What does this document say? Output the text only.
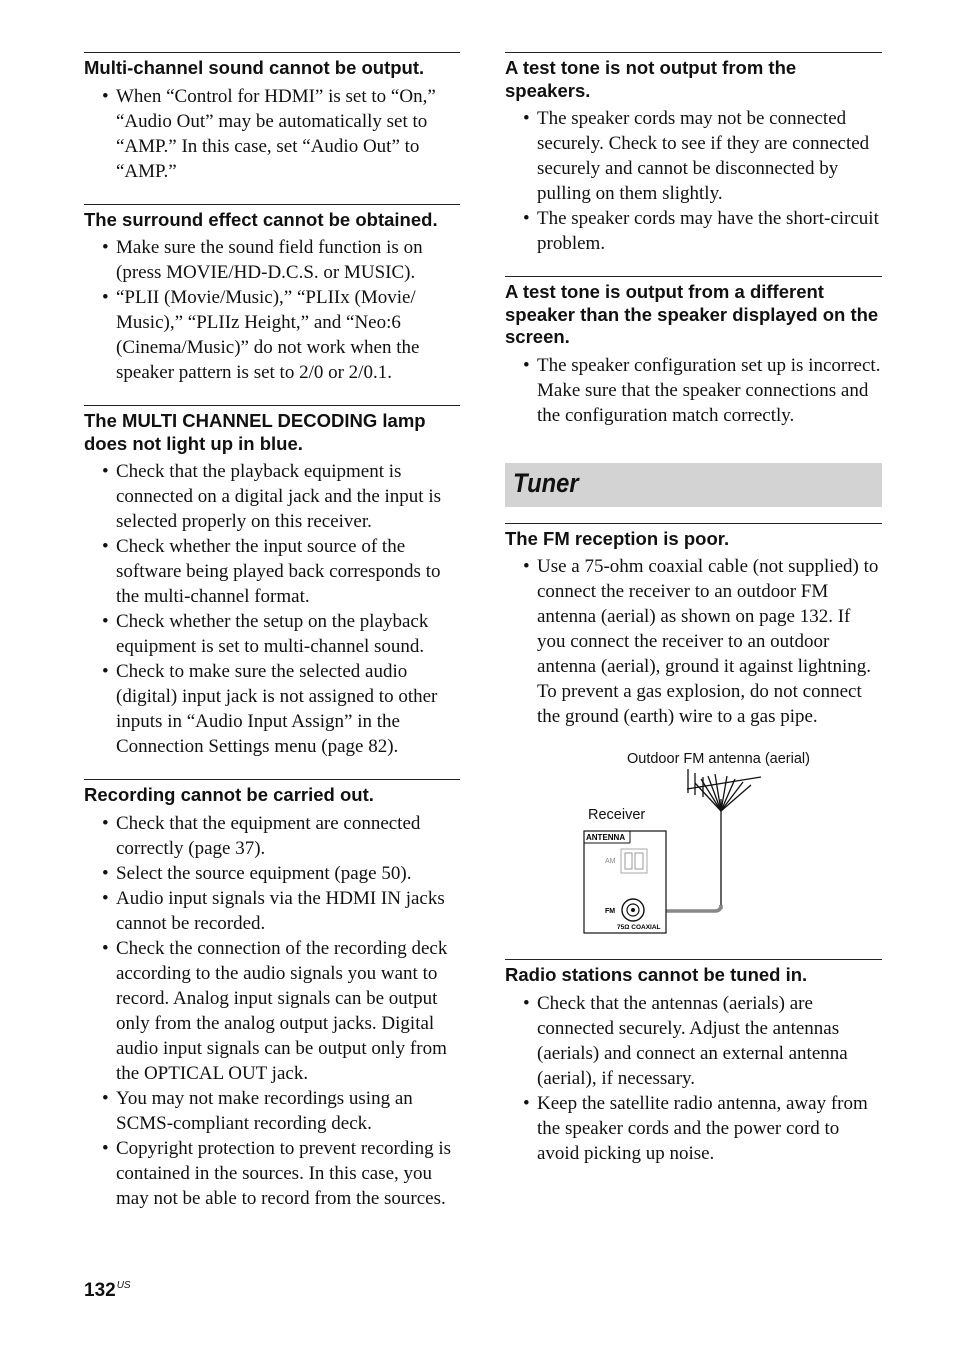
Multi-channel sound cannot be output.
• When “Control for HDMI” is set to “On,” “Audio Out” may be automatically set to “AMP.” In this case, set “Audio Out” to “AMP.”
The surround effect cannot be obtained.
• Make sure the sound field function is on (press MOVIE/HD-D.C.S. or MUSIC).
• “PLII (Movie/Music),” “PLIIx (Movie/ Music),” “PLIIz Height,” and “Neo:6 (Cinema/Music)” do not work when the speaker pattern is set to 2/0 or 2/0.1.
The MULTI CHANNEL DECODING lamp does not light up in blue.
• Check that the playback equipment is connected on a digital jack and the input is selected properly on this receiver.
• Check whether the input source of the software being played back corresponds to the multi-channel format.
• Check whether the setup on the playback equipment is set to multi-channel sound.
• Check to make sure the selected audio (digital) input jack is not assigned to other inputs in “Audio Input Assign” in the Connection Settings menu (page 82).
Recording cannot be carried out.
• Check that the equipment are connected correctly (page 37).
• Select the source equipment (page 50).
• Audio input signals via the HDMI IN jacks cannot be recorded.
• Check the connection of the recording deck according to the audio signals you want to record. Analog input signals can be output only from the analog output jacks. Digital audio input signals can be output only from the OPTICAL OUT jack.
• You may not make recordings using an SCMS-compliant recording deck.
• Copyright protection to prevent recording is contained in the sources. In this case, you may not be able to record from the sources.
A test tone is not output from the speakers.
• The speaker cords may not be connected securely. Check to see if they are connected securely and cannot be disconnected by pulling on them slightly.
• The speaker cords may have the short-circuit problem.
A test tone is output from a different speaker than the speaker displayed on the screen.
• The speaker configuration set up is incorrect. Make sure that the speaker connections and the configuration match correctly.
Tuner
The FM reception is poor.
• Use a 75-ohm coaxial cable (not supplied) to connect the receiver to an outdoor FM antenna (aerial) as shown on page 132. If you connect the receiver to an outdoor antenna (aerial), ground it against lightning. To prevent a gas explosion, do not connect the ground (earth) wire to a gas pipe.
Outdoor FM antenna (aerial)
Receiver
ANTENNA
AM
FM
75Ω COAXIAL
Radio stations cannot be tuned in.
• Check that the antennas (aerials) are connected securely. Adjust the antennas (aerials) and connect an external antenna (aerial), if necessary.
• Keep the satellite radio antenna, away from the speaker cords and the power cord to avoid picking up noise.
$132^{US}$
